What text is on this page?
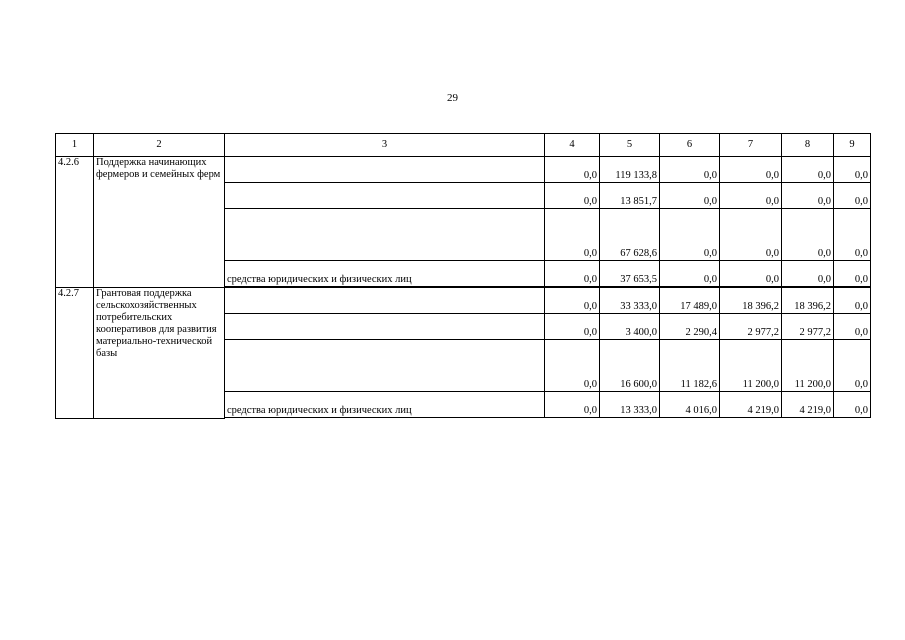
29
1	2	3	4	5	6	7	8	9
4.2.6	Поддержка начинающих фермеров и семейных ферм		0,0	119 133,8	0,0	0,0	0,0	0,0
			0,0	13 851,7	0,0	0,0	0,0	0,0
			0,0	67 628,6	0,0	0,0	0,0	0,0
		средства юридических и физических лиц	0,0	37 653,5	0,0	0,0	0,0	0,0

4.2.7	Грантовая поддержка сельскохозяйственных потребительских кооперативов для развития материально-технической базы		0,0	33 333,0	17 489,0	18 396,2	18 396,2	0,0
			0,0	3 400,0	2 290,4	2 977,2	2 977,2	0,0
			0,0	16 600,0	11 182,6	11 200,0	11 200,0	0,0
		средства юридических и физических лиц	0,0	13 333,0	4 016,0	4 219,0	4 219,0	0,0
